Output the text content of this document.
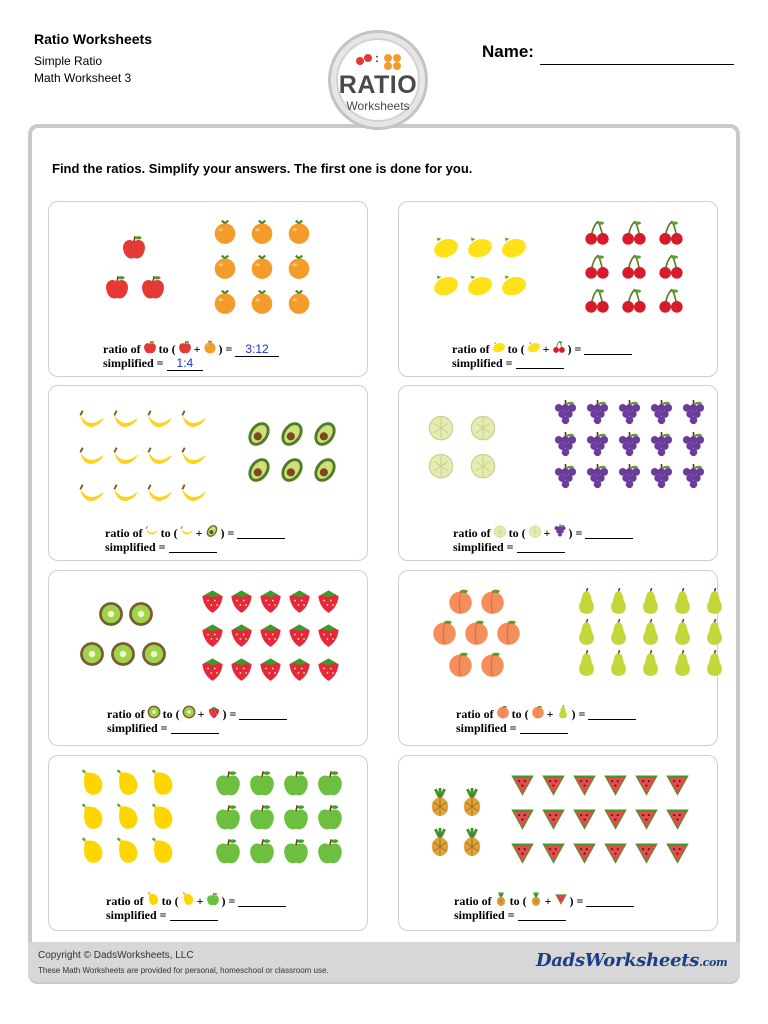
Ratio Worksheets
Simple Ratio
Math Worksheet 3
Name:
:
RATIO
Worksheets
Find the ratios. Simplify your answers. The first one is done for you.
ratio of to ( + ) =	3:12
simplified =	1:4
ratio of to ( + ) =
simplified =
ratio of to ( + ) =
simplified =
ratio of to ( + ) =
simplified =
ratio of to ( + ) =
simplified =
ratio of to ( + ) =
simplified =
ratio of to ( + ) =
simplified =
ratio of to ( + ) =
simplified =
Copyright © DadsWorksheets, LLC
These Math Worksheets are provided for personal, homeschool or classroom use.	DadsWorksheets.com
